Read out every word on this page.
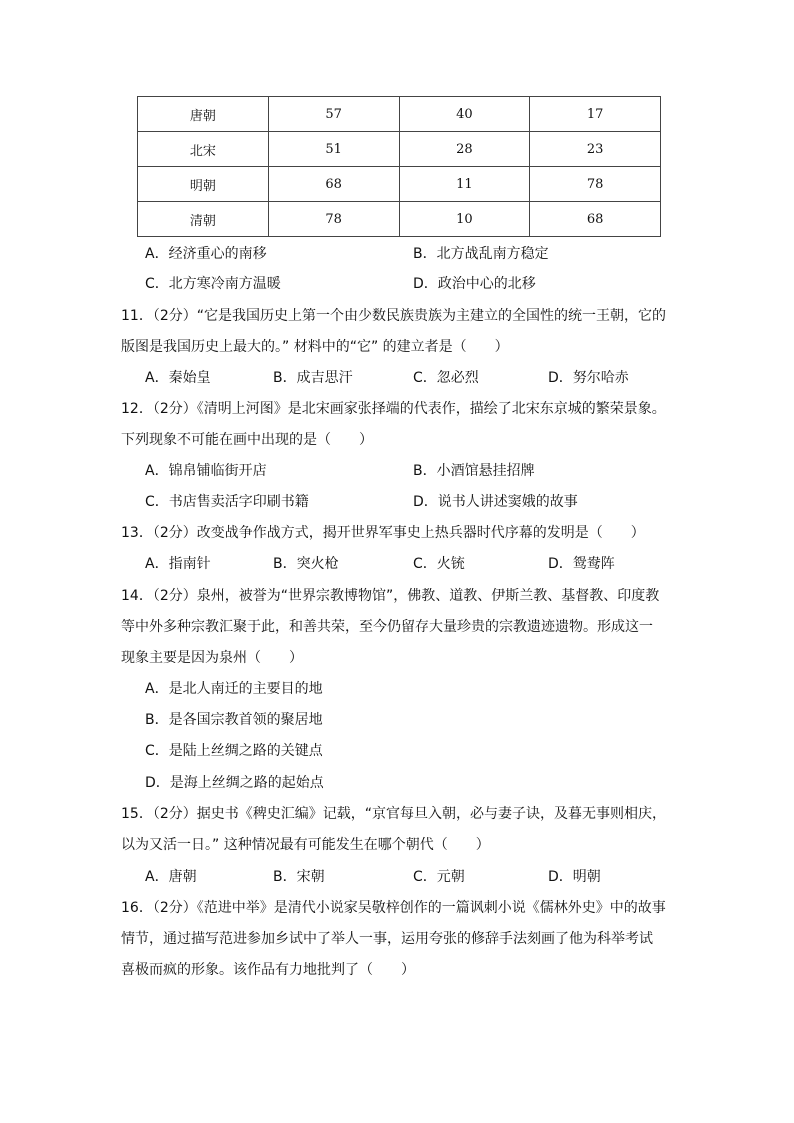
唐朝	57	40	17
北宋	51	28	23
明朝	68	11	78
清朝	78	10	68
A．经济重心的南移	B．北方战乱南方稳定
C．北方寒冷南方温暖	D．政治中心的北移
11．（2分）“它是我国历史上第一个由少数民族贵族为主建立的全国性的统一王朝，它的
版图是我国历史上最大的。” 材料中的“它” 的建立者是（　　）
A．秦始皇	B．成吉思汗	C．忽必烈	D．努尔哈赤
12．（2分）《清明上河图》是北宋画家张择端的代表作，描绘了北宋东京城的繁荣景象。
下列现象不可能在画中出现的是（　　）
A．锦帛铺临街开店	B．小酒馆悬挂招牌
C．书店售卖活字印刷书籍	D．说书人讲述窦娥的故事
13．（2分）改变战争作战方式，揭开世界军事史上热兵器时代序幕的发明是（　　）
A．指南针	B．突火枪	C．火铳	D．鸳鸯阵
14．（2分）泉州，被誉为“世界宗教博物馆”，佛教、道教、伊斯兰教、基督教、印度教
等中外多种宗教汇聚于此，和善共荣，至今仍留存大量珍贵的宗教遗迹遗物。形成这一
现象主要是因为泉州（　　）
A．是北人南迁的主要目的地
B．是各国宗教首领的聚居地
C．是陆上丝绸之路的关键点
D．是海上丝绸之路的起始点
15．（2分）据史书《稗史汇编》记载，“京官每旦入朝，必与妻子诀，及暮无事则相庆，
以为又活一日。” 这种情况最有可能发生在哪个朝代（　　）
A．唐朝	B．宋朝	C．元朝	D．明朝
16．（2分）《范进中举》是清代小说家吴敬梓创作的一篇讽刺小说《儒林外史》中的故事
情节，通过描写范进参加乡试中了举人一事，运用夸张的修辞手法刻画了他为科举考试
喜极而疯的形象。该作品有力地批判了（　　）
